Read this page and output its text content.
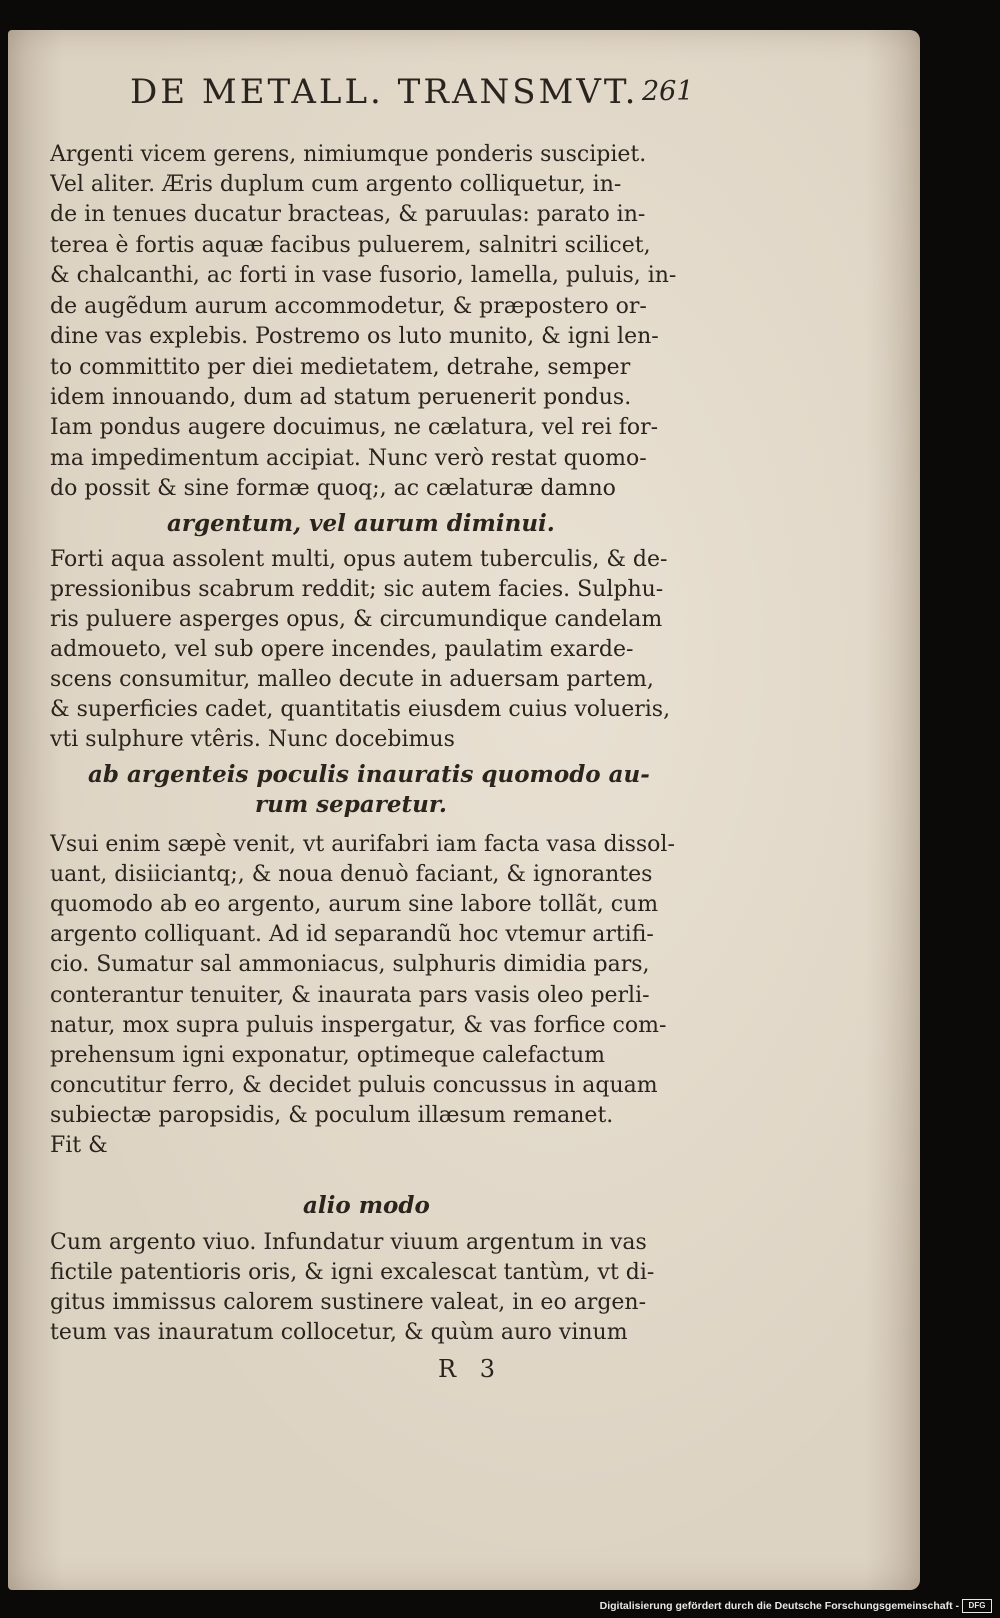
DE METALL. TRANSMVT. 261
Argenti vicem gerens, nimiumque ponderis suscipiet.
Vel aliter. Æris duplum cum argento colliquetur, in-
de in tenues ducatur bracteas, & paruulas: parato in-
terea è fortis aquæ facibus puluerem, salnitri scilicet,
& chalcanthi, ac forti in vase fusorio, lamella, puluis, in-
de augẽdum aurum accommodetur, & præpostero or-
dine vas explebis. Postremo os luto munito, & igni len-
to committito per diei medietatem, detrahe, semper
idem innouando, dum ad statum peruenerit pondus.
Iam pondus augere docuimus, ne cælatura, vel rei for-
ma impedimentum accipiat. Nunc verò restat quomo-
do possit & sine formæ quoq;, ac cælaturæ damno
argentum, vel aurum diminui.
Forti aqua assolent multi, opus autem tuberculis, & de-
pressionibus scabrum reddit; sic autem facies. Sulphu-
ris puluere asperges opus, & circumundique candelam
admoueto, vel sub opere incendes, paulatim exarde-
scens consumitur, malleo decute in aduersam partem,
& superficies cadet, quantitatis eiusdem cuius volueris,
vti sulphure vtêris. Nunc docebimus
ab argenteis poculis inauratis quomodo au-
rum separetur.
Vsui enim sæpè venit, vt aurifabri iam facta vasa dissol-
uant, disiiciantq;, & noua denuò faciant, & ignorantes
quomodo ab eo argento, aurum sine labore tollãt, cum
argento colliquant. Ad id separandũ hoc vtemur artifi-
cio. Sumatur sal ammoniacus, sulphuris dimidia pars,
conterantur tenuiter, & inaurata pars vasis oleo perli-
natur, mox supra puluis inspergatur, & vas forfice com-
prehensum igni exponatur, optimeque calefactum
concutitur ferro, & decidet puluis concussus in aquam
subiectæ paropsidis, & poculum illæsum remanet.
Fit &
alio modo
Cum argento viuo. Infundatur viuum argentum in vas
fictile patentioris oris, & igni excalescat tantùm, vt di-
gitus immissus calorem sustinere valeat, in eo argen-
teum vas inauratum collocetur, & quùm auro vinum
R 3
Digitalisierung gefördert durch die Deutsche Forschungsgemeinschaft -	DFG
